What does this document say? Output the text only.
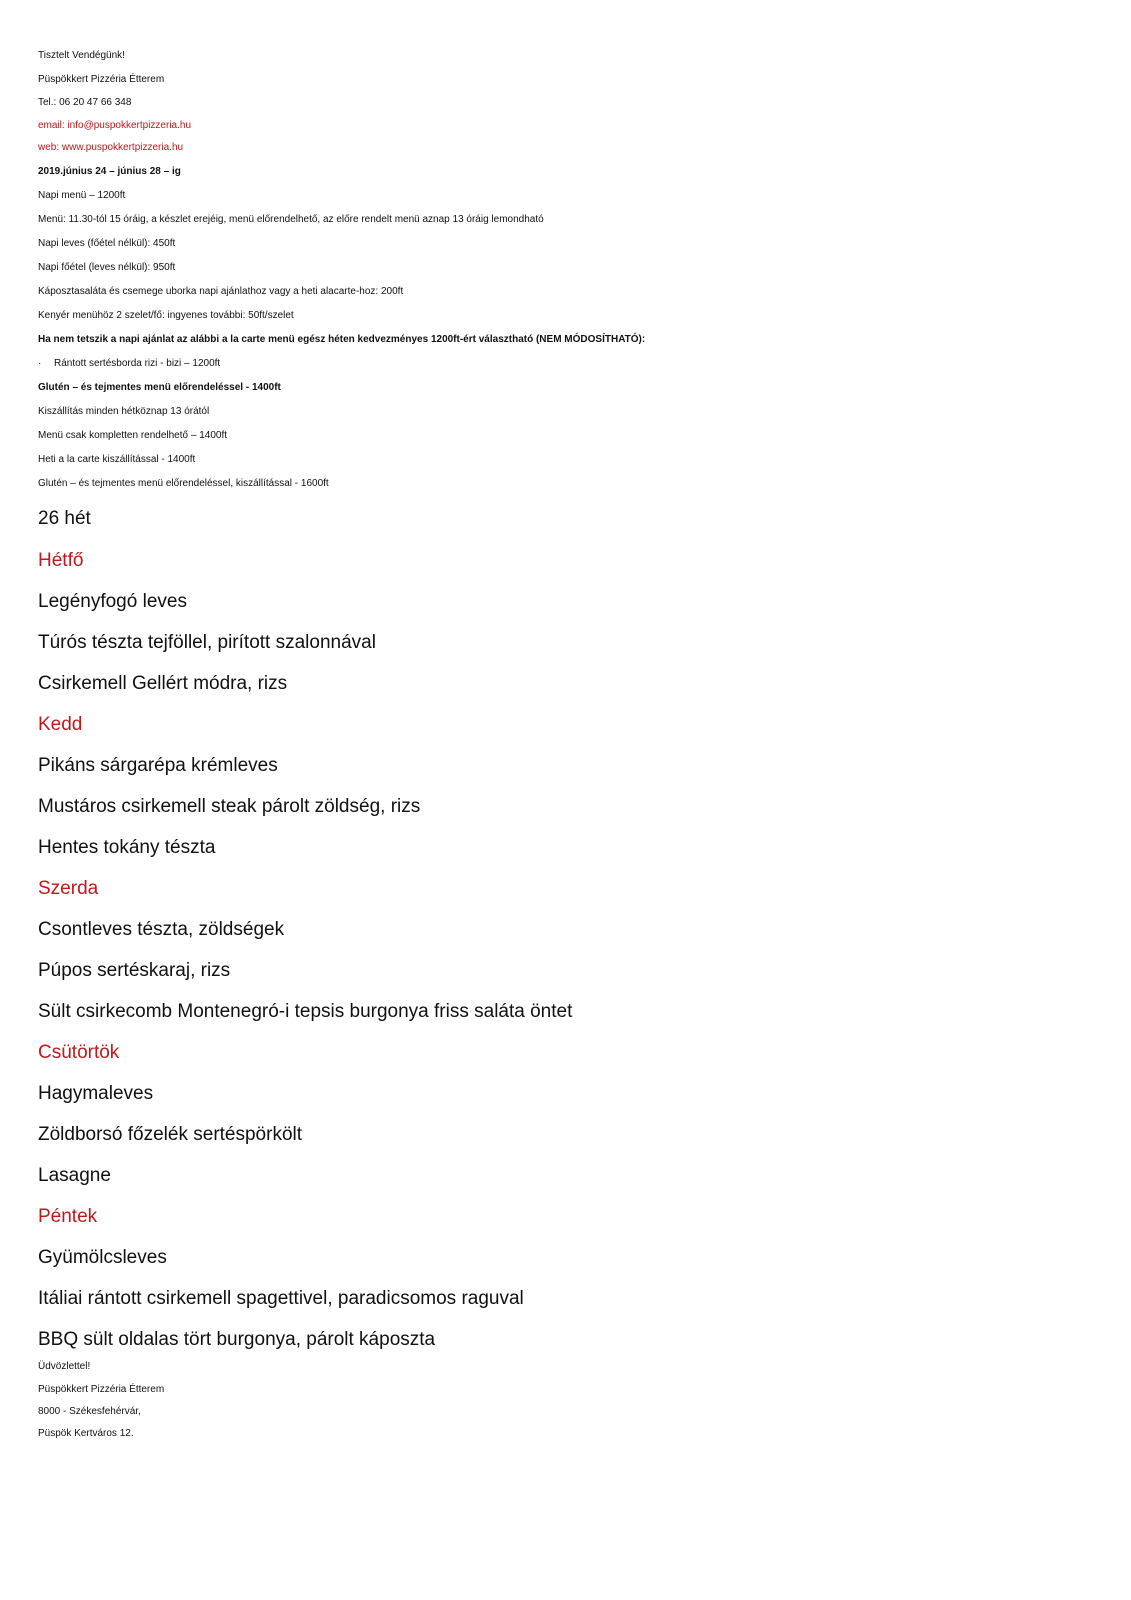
Tisztelt Vendégünk!
Püspökkert Pizzéria Étterem
Tel.: 06 20 47 66 348
email: info@puspokkertpizzeria.hu
web: www.puspokkertpizzeria.hu
2019.június 24 – június 28 – ig
Napi menü – 1200ft
Menü: 11.30-tól 15 óráig, a készlet erejéig, menü előrendelhető, az előre rendelt menü aznap 13 óráig lemondható
Napi leves (főétel nélkül): 450ft
Napi főétel (leves nélkül): 950ft
Káposztasaláta és csemege uborka napi ajánlathoz vagy a heti alacarte-hoz: 200ft
Kenyér menühöz 2 szelet/fő: ingyenes további: 50ft/szelet
Ha nem tetszik a napi ajánlat az alábbi a la carte menü egész héten kedvezményes 1200ft-ért választható (NEM MÓDOSÍTHATÓ):
· Rántott sertésborda rizi - bizi – 1200ft
Glutén – és tejmentes menü előrendeléssel - 1400ft
Kiszállítás minden hétköznap 13 órától
Menü csak kompletten rendelhető – 1400ft
Heti a la carte kiszállítással - 1400ft
Glutén – és tejmentes menü előrendeléssel, kiszállítással - 1600ft
26 hét
Hétfő
Legényfogó leves
Túrós tészta tejföllel, pirított szalonnával
Csirkemell Gellért módra, rizs
Kedd
Pikáns sárgarépa krémleves
Mustáros csirkemell steak párolt zöldség, rizs
Hentes tokány tészta
Szerda
Csontleves tészta, zöldségek
Púpos sertéskaraj, rizs
Sült csirkecomb Montenegró-i tepsis burgonya friss saláta öntet
Csütörtök
Hagymaleves
Zöldborsó főzelék sertéspörkölt
Lasagne
Péntek
Gyümölcsleves
Itáliai rántott csirkemell spagettivel, paradicsomos raguval
BBQ sült oldalas tört burgonya, párolt káposzta
Üdvözlettel!
Püspökkert Pizzéria Étterem
8000 - Székesfehérvár,
Püspök Kertváros 12.
